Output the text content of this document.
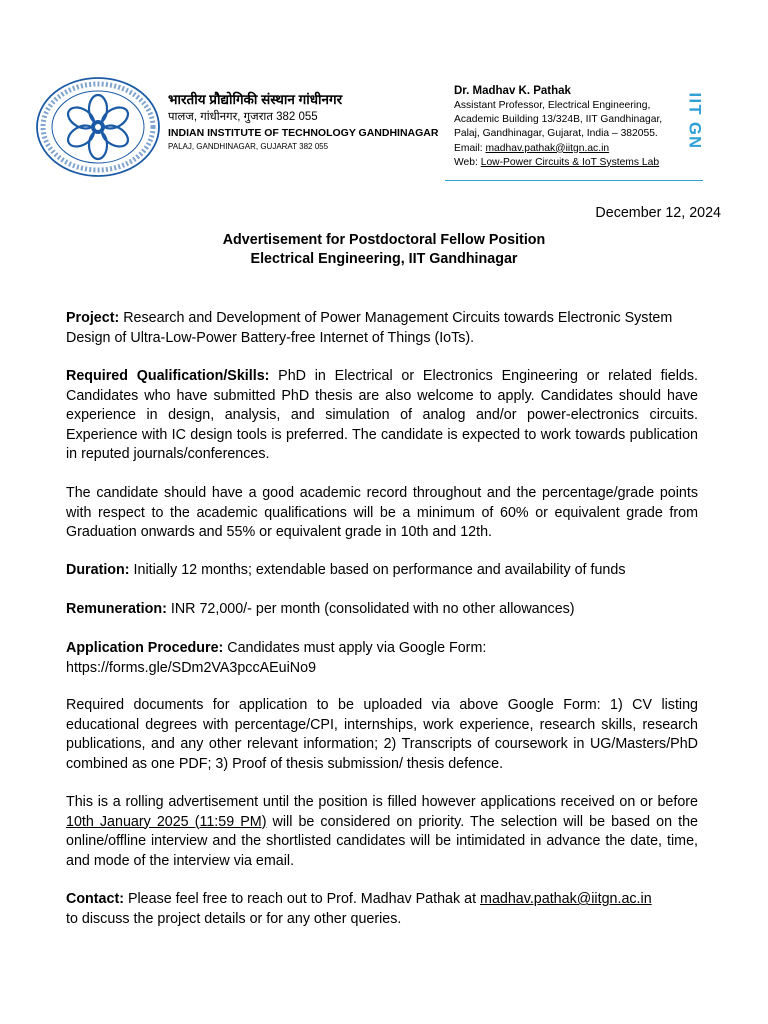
भारतीय प्रौद्योगिकी संस्थान गांधीनगर
पालज, गांधीनगर, गुजरात 382 055
INDIAN INSTITUTE OF TECHNOLOGY GANDHINAGAR
PALAJ, GANDHINAGAR, GUJARAT 382 055
Dr. Madhav K. Pathak
Assistant Professor, Electrical Engineering,
Academic Building 13/324B, IIT Gandhinagar,
Palaj, Gandhinagar, Gujarat, India – 382055.
Email: madhav.pathak@iitgn.ac.in
Web: Low-Power Circuits & IoT Systems Lab
IIT GN
December 12, 2024
Advertisement for Postdoctoral Fellow Position
Electrical Engineering, IIT Gandhinagar
Project: Research and Development of Power Management Circuits towards Electronic System Design of Ultra-Low-Power Battery-free Internet of Things (IoTs).
Required Qualification/Skills: PhD in Electrical or Electronics Engineering or related fields. Candidates who have submitted PhD thesis are also welcome to apply. Candidates should have experience in design, analysis, and simulation of analog and/or power-electronics circuits. Experience with IC design tools is preferred. The candidate is expected to work towards publication in reputed journals/conferences.
The candidate should have a good academic record throughout and the percentage/grade points with respect to the academic qualifications will be a minimum of 60% or equivalent grade from Graduation onwards and 55% or equivalent grade in 10th and 12th.
Duration: Initially 12 months; extendable based on performance and availability of funds
Remuneration: INR 72,000/- per month (consolidated with no other allowances)
Application Procedure: Candidates must apply via Google Form:
https://forms.gle/SDm2VA3pccAEuiNo9
Required documents for application to be uploaded via above Google Form: 1) CV listing educational degrees with percentage/CPI, internships, work experience, research skills, research publications, and any other relevant information; 2) Transcripts of coursework in UG/Masters/PhD combined as one PDF; 3) Proof of thesis submission/ thesis defence.
This is a rolling advertisement until the position is filled however applications received on or before 10th January 2025 (11:59 PM) will be considered on priority. The selection will be based on the online/offline interview and the shortlisted candidates will be intimidated in advance the date, time, and mode of the interview via email.
Contact: Please feel free to reach out to Prof. Madhav Pathak at madhav.pathak@iitgn.ac.in
to discuss the project details or for any other queries.
